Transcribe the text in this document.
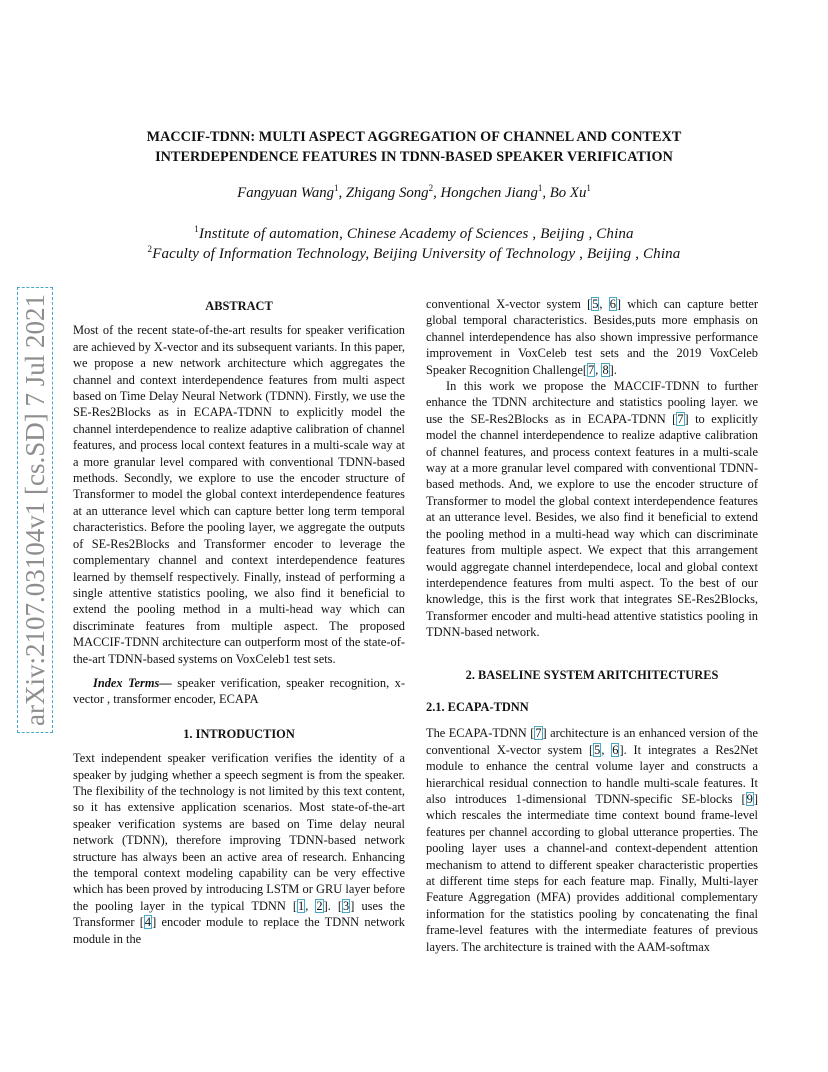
arXiv:2107.03104v1 [cs.SD] 7 Jul 2021
MACCIF-TDNN: MULTI ASPECT AGGREGATION OF CHANNEL AND CONTEXT
INTERDEPENDENCE FEATURES IN TDNN-BASED SPEAKER VERIFICATION
Fangyuan Wang$^1$, Zhigang Song$^2$, Hongchen Jiang$^1$, Bo Xu$^1$
$^1$Institute of automation, Chinese Academy of Sciences , Beijing , China
$^2$Faculty of Information Technology, Beijing University of Technology , Beijing , China
ABSTRACT

Most of the recent state-of-the-art results for speaker verification are achieved by X-vector and its subsequent variants. In this paper, we propose a new network architecture which aggregates the channel and context interdependence features from multi aspect based on Time Delay Neural Network (TDNN). Firstly, we use the SE-Res2Blocks as in ECAPA-TDNN to explicitly model the channel interdependence to realize adaptive calibration of channel features, and process local context features in a multi-scale way at a more granular level compared with conventional TDNN-based methods. Secondly, we explore to use the encoder structure of Transformer to model the global context interdependence features at an utterance level which can capture better long term temporal characteristics. Before the pooling layer, we aggregate the outputs of SE-Res2Blocks and Transformer encoder to leverage the complementary channel and context interdependence features learned by themself respectively. Finally, instead of performing a single attentive statistics pooling, we also find it beneficial to extend the pooling method in a multi-head way which can discriminate features from multiple aspect. The proposed MACCIF-TDNN architecture can outperform most of the state-of-the-art TDNN-based systems on VoxCeleb1 test sets.

Index Terms— speaker verification, speaker recognition, x-vector , transformer encoder, ECAPA

1. INTRODUCTION

Text independent speaker verification verifies the identity of a speaker by judging whether a speech segment is from the speaker. The flexibility of the technology is not limited by this text content, so it has extensive application scenarios. Most state-of-the-art speaker verification systems are based on Time delay neural network (TDNN), therefore improving TDNN-based network structure has always been an active area of research. Enhancing the temporal context modeling capability can be very effective which has been proved by introducing LSTM or GRU layer before the pooling layer in the typical TDNN [1, 2]. [3] uses the Transformer [4] encoder module to replace the TDNN network module in the

conventional X-vector system [5, 6] which can capture better global temporal characteristics. Besides,puts more emphasis on channel interdependence has also shown impressive performance improvement in VoxCeleb test sets and the 2019 VoxCeleb Speaker Recognition Challenge[7, 8].

In this work we propose the MACCIF-TDNN to further enhance the TDNN architecture and statistics pooling layer. we use the SE-Res2Blocks as in ECAPA-TDNN [7] to explicitly model the channel interdependence to realize adaptive calibration of channel features, and process context features in a multi-scale way at a more granular level compared with conventional TDNN-based methods. And, we explore to use the encoder structure of Transformer to model the global context interdependence features at an utterance level. Besides, we also find it beneficial to extend the pooling method in a multi-head way which can discriminate features from multiple aspect. We expect that this arrangement would aggregate channel interdependece, local and global context interdependence features from multi aspect. To the best of our knowledge, this is the first work that integrates SE-Res2Blocks, Transformer encoder and multi-head attentive statistics pooling in TDNN-based network.

2. BASELINE SYSTEM ARITCHITECTURES
2.1. ECAPA-TDNN

The ECAPA-TDNN [7] architecture is an enhanced version of the conventional X-vector system [5, 6]. It integrates a Res2Net module to enhance the central volume layer and constructs a hierarchical residual connection to handle multi-scale features. It also introduces 1-dimensional TDNN-specific SE-blocks [9] which rescales the intermediate time context bound frame-level features per channel according to global utterance properties. The pooling layer uses a channel-and context-dependent attention mechanism to attend to different speaker characteristic properties at different time steps for each feature map. Finally, Multi-layer Feature Aggregation (MFA) provides additional complementary information for the statistics pooling by concatenating the final frame-level features with the intermediate features of previous layers. The architecture is trained with the AAM-softmax
